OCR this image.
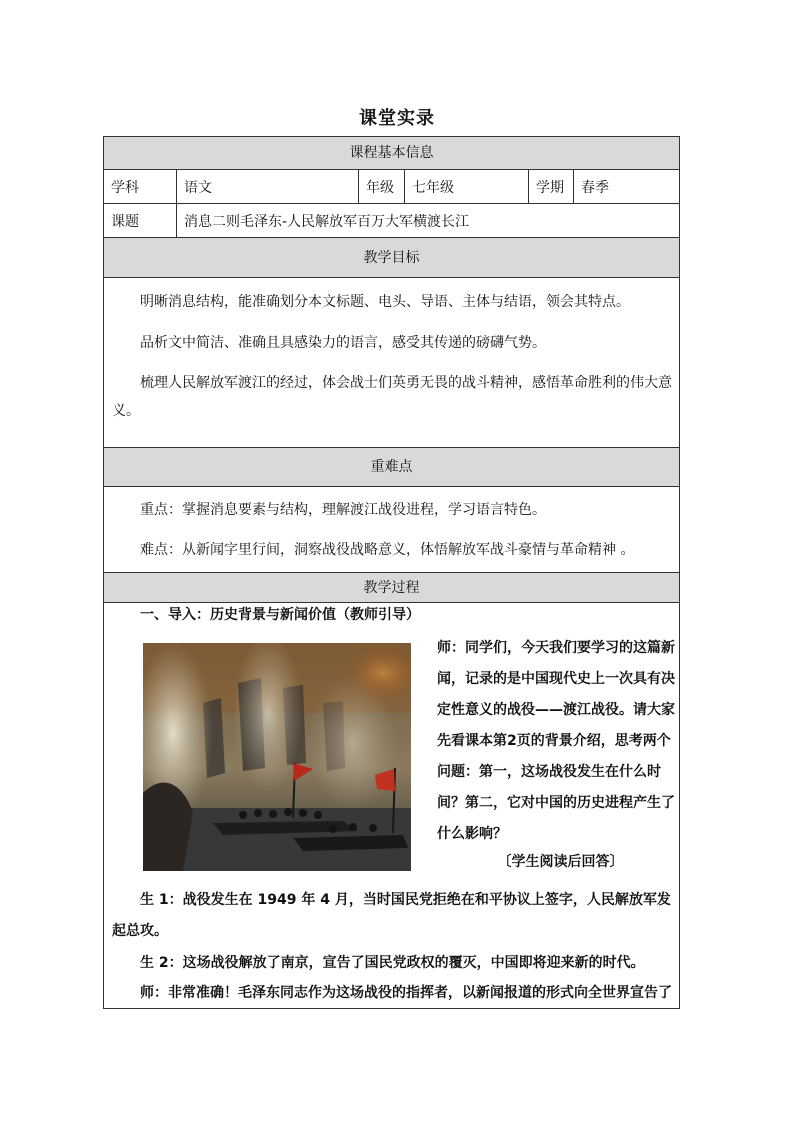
课堂实录
课程基本信息
学科	语文	年级	七年级	学期	春季
课题	消息二则毛泽东-人民解放军百万大军横渡长江
教学目标
明晰消息结构，能准确划分本文标题、电头、导语、主体与结语，领会其特点。
品析文中简洁、准确且具感染力的语言，感受其传递的磅礴气势。
梳理人民解放军渡江的经过，体会战士们英勇无畏的战斗精神，感悟革命胜利的伟大意义。
重难点
重点：掌握消息要素与结构，理解渡江战役进程，学习语言特色。
难点：从新闻字里行间，洞察战役战略意义，体悟解放军战斗豪情与革命精神 。
教学过程
一、导入：历史背景与新闻价值（教师引导）
师：同学们，今天我们要学习的这篇新闻，记录的是中国现代史上一次具有决定性意义的战役——渡江战役。请大家先看课本第2页的背景介绍，思考两个问题：第一，这场战役发生在什么时间？第二，它对中国的历史进程产生了什么影响？
〔学生阅读后回答〕
生 1：战役发生在 1949 年 4 月，当时国民党拒绝在和平协议上签字，人民解放军发起总攻。
生 2：这场战役解放了南京，宣告了国民党政权的覆灭，中国即将迎来新的时代。
师：非常准确！毛泽东同志作为这场战役的指挥者，以新闻报道的形式向全世界宣告了
